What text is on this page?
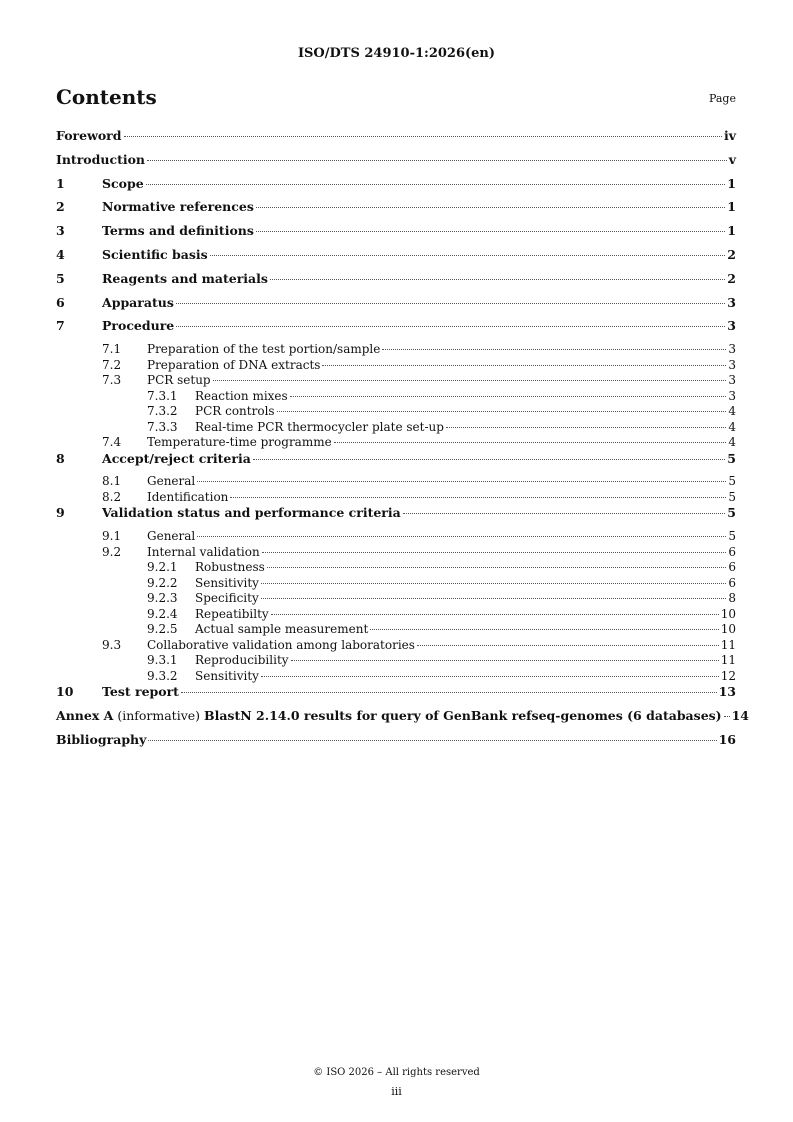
ISO/DTS 24910-1:2026(en)
Contents	Page
Foreword	iv
Introduction	v
1	Scope	1
2	Normative references	1
3	Terms and definitions	1
4	Scientific basis	2
5	Reagents and materials	2
6	Apparatus	3
7	Procedure	3
7.1	Preparation of the test portion/sample	3
7.2	Preparation of DNA extracts	3
7.3	PCR setup	3
7.3.1	Reaction mixes	3
7.3.2	PCR controls	4
7.3.3	Real-time PCR thermocycler plate set-up	4
7.4	Temperature-time programme	4
8	Accept/reject criteria	5
8.1	General	5
8.2	Identification	5
9	Validation status and performance criteria	5
9.1	General	5
9.2	Internal validation	6
9.2.1	Robustness	6
9.2.2	Sensitivity	6
9.2.3	Specificity	8
9.2.4	Repeatibilty	10
9.2.5	Actual sample measurement	10
9.3	Collaborative validation among laboratories	11
9.3.1	Reproducibility	11
9.3.2	Sensitivity	12
10	Test report	13
Annex A (informative) BlastN 2.14.0 results for query of GenBank refseq-genomes (6 databases) 14
Bibliography	16
© ISO 2026 – All rights reserved
iii
